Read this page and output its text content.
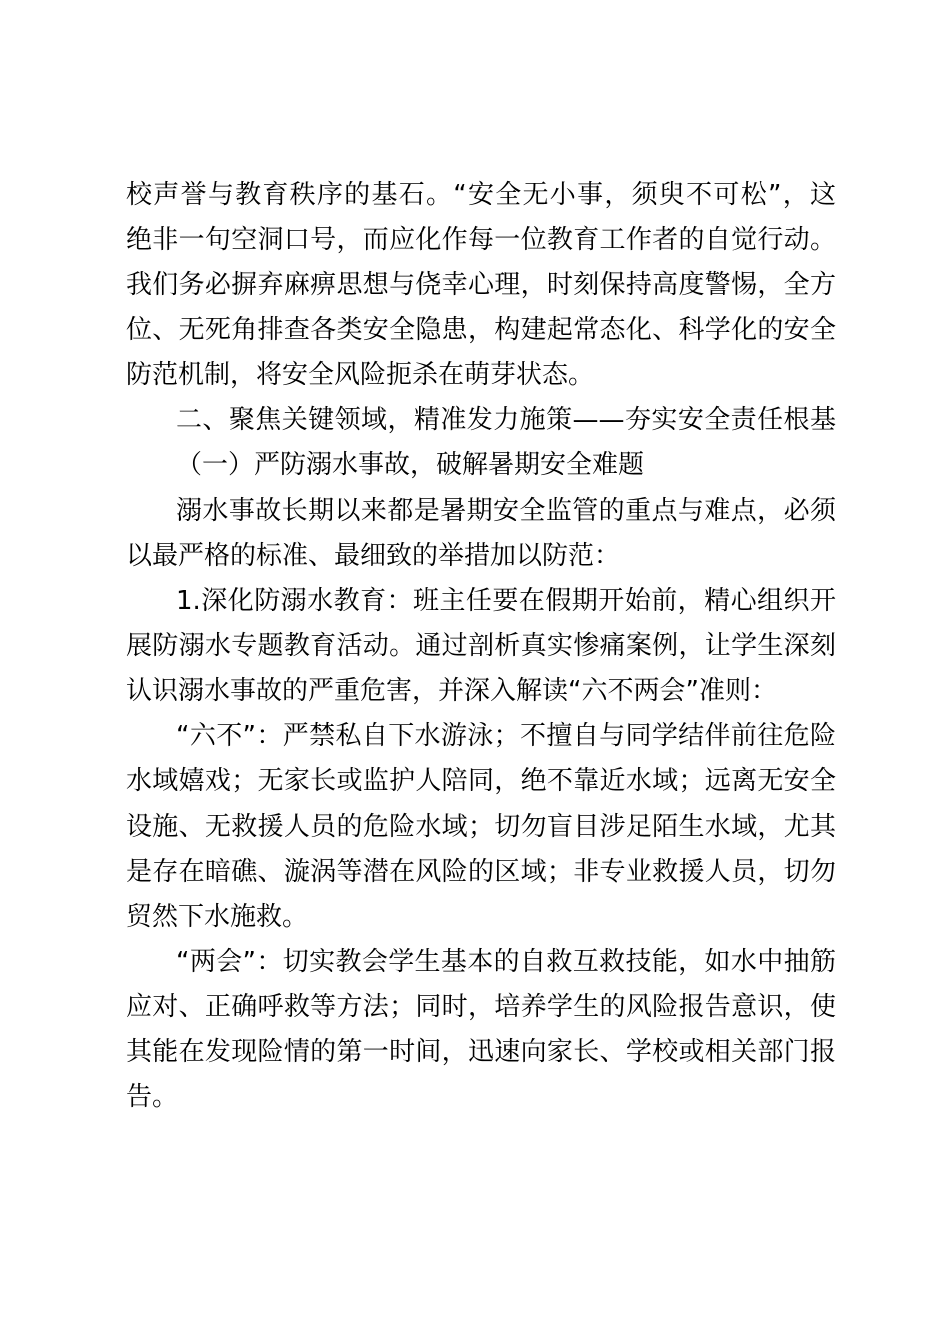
校声誉与教育秩序的基石。“安全无小事，须臾不可松”，这
绝非一句空洞口号，而应化作每一位教育工作者的自觉行动。
我们务必摒弃麻痹思想与侥幸心理，时刻保持高度警惕，全方
位、无死角排查各类安全隐患，构建起常态化、科学化的安全
防范机制，将安全风险扼杀在萌芽状态。
二、聚焦关键领域，精准发力施策——夯实安全责任根基
（一）严防溺水事故，破解暑期安全难题
溺水事故长期以来都是暑期安全监管的重点与难点，必须
以最严格的标准、最细致的举措加以防范：
1.深化防溺水教育：班主任要在假期开始前，精心组织开
展防溺水专题教育活动。通过剖析真实惨痛案例，让学生深刻
认识溺水事故的严重危害，并深入解读“六不两会”准则：
“六不”：严禁私自下水游泳；不擅自与同学结伴前往危险
水域嬉戏；无家长或监护人陪同，绝不靠近水域；远离无安全
设施、无救援人员的危险水域；切勿盲目涉足陌生水域，尤其
是存在暗礁、漩涡等潜在风险的区域；非专业救援人员，切勿
贸然下水施救。
“两会”：切实教会学生基本的自救互救技能，如水中抽筋
应对、正确呼救等方法；同时，培养学生的风险报告意识，使
其能在发现险情的第一时间，迅速向家长、学校或相关部门报
告。
